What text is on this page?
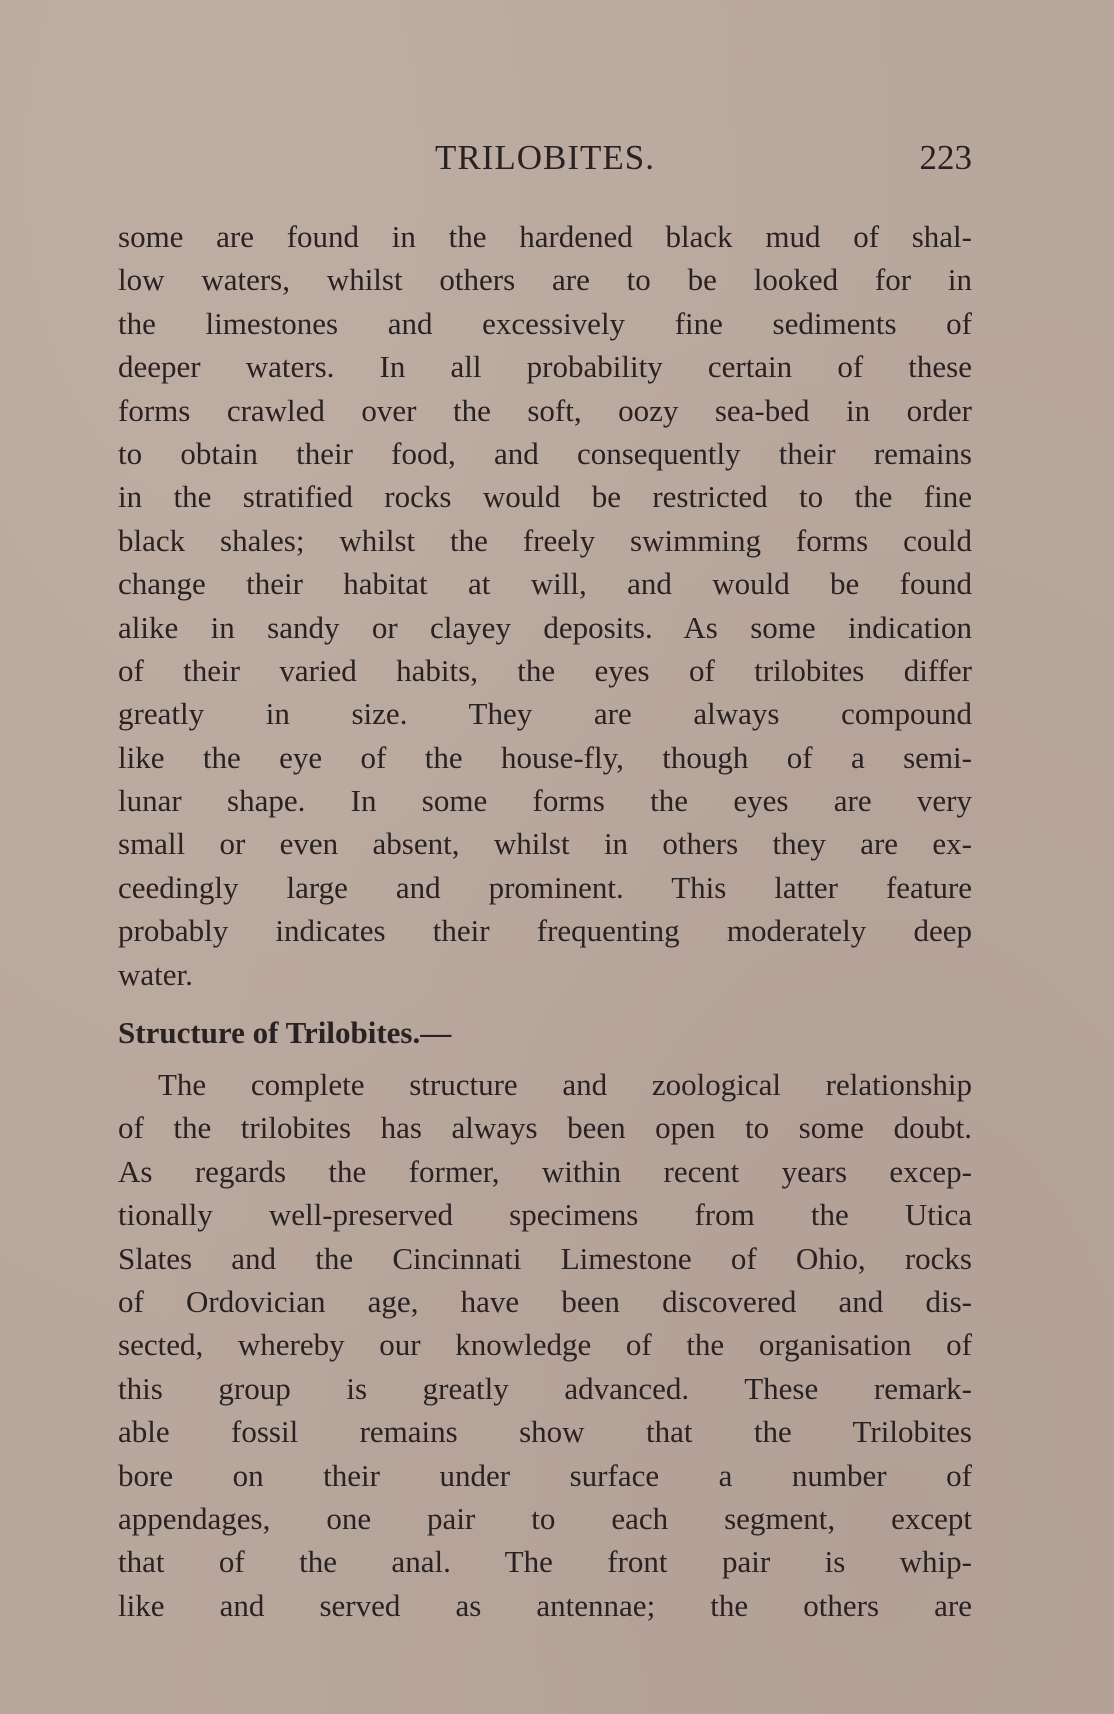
TRILOBITES.	223
some are found in the hardened black mud of shal-
low waters, whilst others are to be looked for in
the limestones and excessively fine sediments of
deeper waters. In all probability certain of these
forms crawled over the soft, oozy sea-bed in order
to obtain their food, and consequently their remains
in the stratified rocks would be restricted to the fine
black shales; whilst the freely swimming forms could
change their habitat at will, and would be found
alike in sandy or clayey deposits. As some indication
of their varied habits, the eyes of trilobites differ
greatly in size. They are always compound
like the eye of the house-fly, though of a semi-
lunar shape. In some forms the eyes are very
small or even absent, whilst in others they are ex-
ceedingly large and prominent. This latter feature
probably indicates their frequenting moderately deep
water.
Structure of Trilobites.—
The complete structure and zoological relationship
of the trilobites has always been open to some doubt.
As regards the former, within recent years excep-
tionally well-preserved specimens from the Utica
Slates and the Cincinnati Limestone of Ohio, rocks
of Ordovician age, have been discovered and dis-
sected, whereby our knowledge of the organisation of
this group is greatly advanced. These remark-
able fossil remains show that the Trilobites
bore on their under surface a number of
appendages, one pair to each segment, except
that of the anal. The front pair is whip-
like and served as antennae; the others are
